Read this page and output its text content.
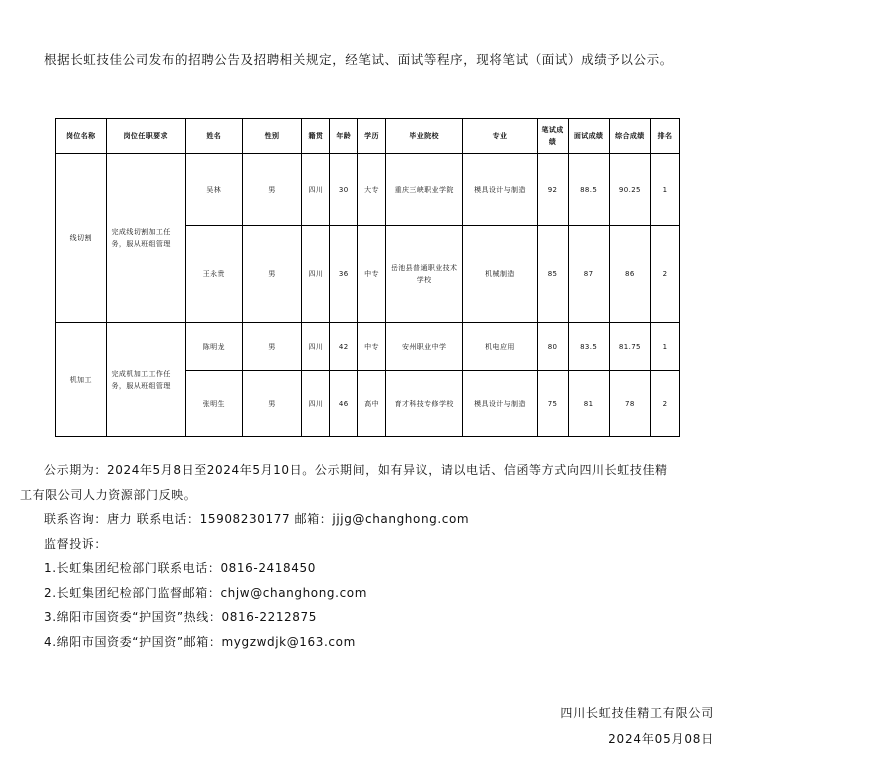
根据长虹技佳公司发布的招聘公告及招聘相关规定，经笔试、面试等程序，现将笔试（面试）成绩予以公示。
岗位名称	岗位任职要求	姓名	性别	籍贯	年龄	学历	毕业院校	专业	笔试成绩	面试成绩	综合成绩	排名
线切割	完成线切割加工任务，服从班组管理	吴林	男	四川	30	大专	重庆三峡职业学院	模具设计与制造	92	88.5	90.25	1
		王永贵	男	四川	36	中专	岳池县普通职业技术学校	机械制造	85	87	86	2
机加工	完成机加工工作任务，服从班组管理	陈明龙	男	四川	42	中专	安州职业中学	机电应用	80	83.5	81.75	1
		张明生	男	四川	46	高中	育才科技专修学校	模具设计与制造	75	81	78	2
公示期为：2024年5月8日至2024年5月10日。公示期间，如有异议，请以电话、信函等方式向四川长虹技佳精
工有限公司人力资源部门反映。
联系咨询：唐力 联系电话：15908230177 邮箱：jjjg@changhong.com
监督投诉：
1.长虹集团纪检部门联系电话：0816-2418450
2.长虹集团纪检部门监督邮箱：chjw@changhong.com
3.绵阳市国资委“护国资”热线：0816-2212875
4.绵阳市国资委“护国资”邮箱：mygzwdjk@163.com
四川长虹技佳精工有限公司
2024年05月08日
